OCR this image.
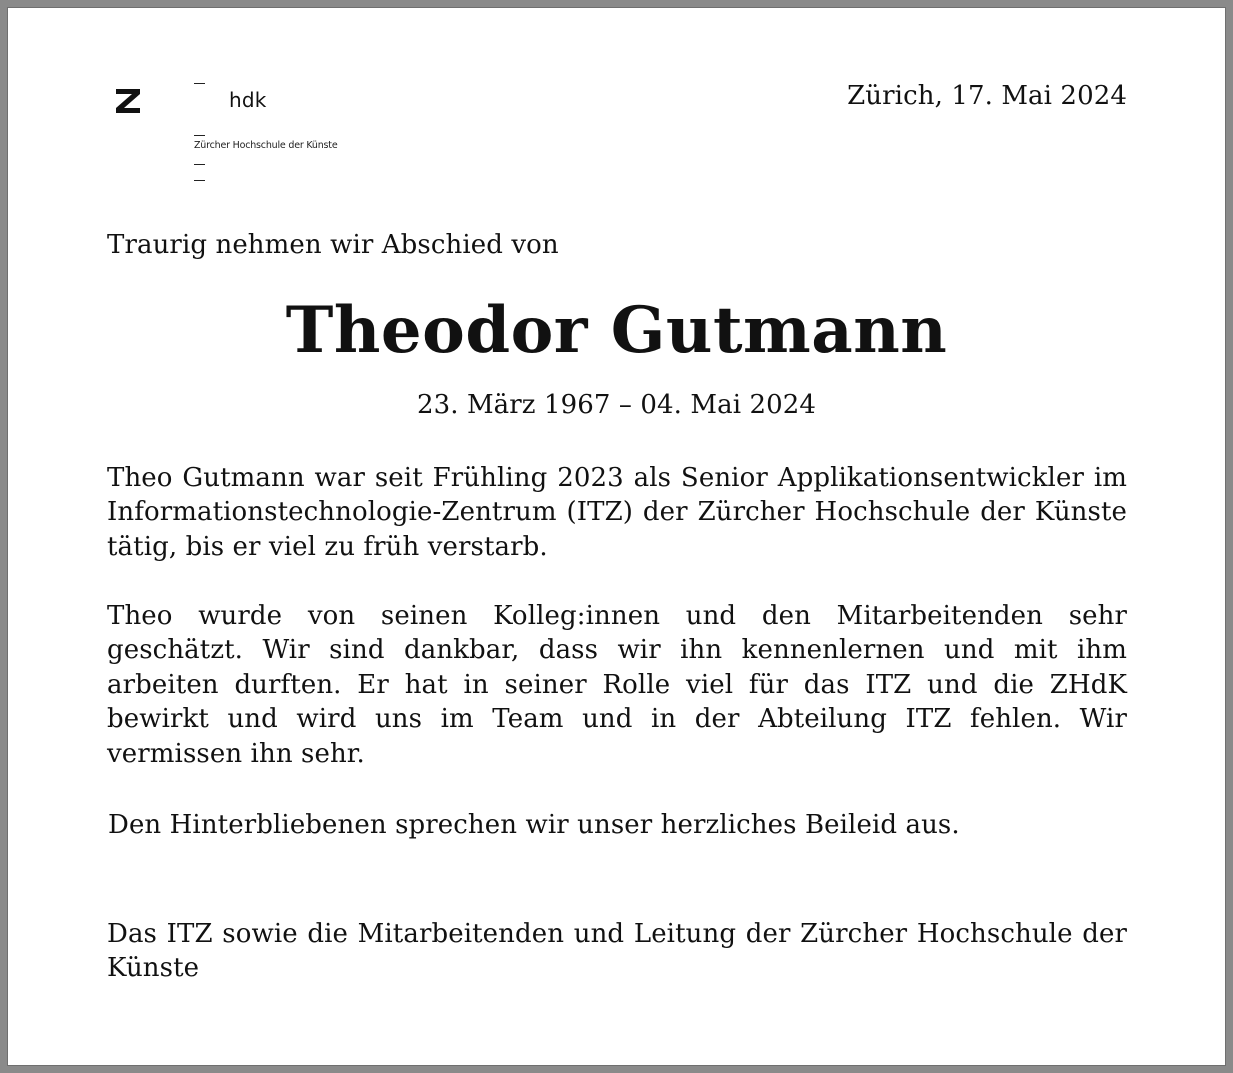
hdk
Zürcher Hochschule der Künste
Zürich, 17. Mai 2024
Traurig nehmen wir Abschied von
Theodor Gutmann
23. März 1967 – 04. Mai 2024

Theo Gutmann war seit Frühling 2023 als Senior Applikationsentwickler im Informationstechnologie-Zentrum (ITZ) der Zürcher Hochschule der Künste tätig, bis er viel zu früh verstarb.

Theo wurde von seinen Kolleg:innen und den Mitarbeitenden sehr geschätzt. Wir sind dankbar, dass wir ihn kennenlernen und mit ihm arbeiten durften. Er hat in seiner Rolle viel für das ITZ und die ZHdK bewirkt und wird uns im Team und in der Abteilung ITZ fehlen. Wir vermissen ihn sehr.

Den Hinterbliebenen sprechen wir unser herzliches Beileid aus.

Das ITZ sowie die Mitarbeitenden und Leitung der Zürcher Hochschule der Künste
